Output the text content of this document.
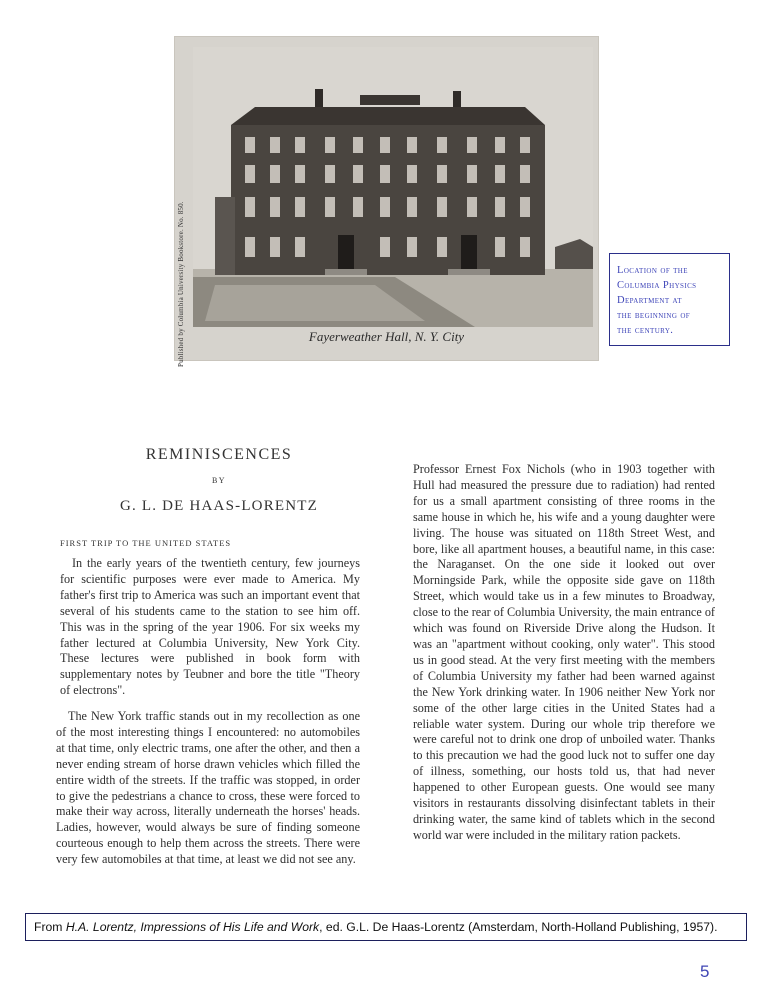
Published by Columbia University Bookstore. No. 850.	Fayerweather Hall, N. Y. City
Location of the
Columbia Physics
Department at
the beginning of
the century.
REMINISCENCES
BY
G. L. DE HAAS-LORENTZ
FIRST TRIP TO THE UNITED STATES

In the early years of the twentieth century, few journeys for scientific purposes were ever made to America. My father's first trip to America was such an important event that several of his students came to the station to see him off. This was in the spring of the year 1906. For six weeks my father lectured at Columbia University, New York City. These lectures were published in book form with supplementary notes by Teubner and bore the title "Theory of electrons".

The New York traffic stands out in my recollection as one of the most interesting things I encountered: no automobiles at that time, only electric trams, one after the other, and then a never ending stream of horse drawn vehicles which filled the entire width of the streets. If the traffic was stopped, in order to give the pedestrians a chance to cross, these were forced to make their way across, literally underneath the horses' heads. Ladies, however, would always be sure of finding someone courteous enough to help them across the streets. There were very few automobiles at that time, at least we did not see any.

Professor Ernest Fox Nichols (who in 1903 together with Hull had measured the pressure due to radiation) had rented for us a small apartment consisting of three rooms in the same house in which he, his wife and a young daughter were living. The house was situated on 118th Street West, and bore, like all apartment houses, a beautiful name, in this case: the Naraganset. On the one side it looked out over Morningside Park, while the opposite side gave on 118th Street, which would take us in a few minutes to Broadway, close to the rear of Columbia University, the main entrance of which was found on Riverside Drive along the Hudson. It was an "apartment without cooking, only water". This stood us in good stead. At the very first meeting with the members of Columbia University my father had been warned against the New York drinking water. In 1906 neither New York nor some of the other large cities in the United States had a reliable water system. During our whole trip therefore we were careful not to drink one drop of unboiled water. Thanks to this precaution we had the good luck not to suffer one day of illness, something, our hosts told us, that had never happened to other European guests. One would see many visitors in restaurants dissolving disinfectant tablets in their drinking water, the same kind of tablets which in the second world war were included in the military ration packets.

From H.A. Lorentz, Impressions of His Life and Work, ed. G.L. De Haas-Lorentz (Amsterdam, North-Holland Publishing, 1957).
5
